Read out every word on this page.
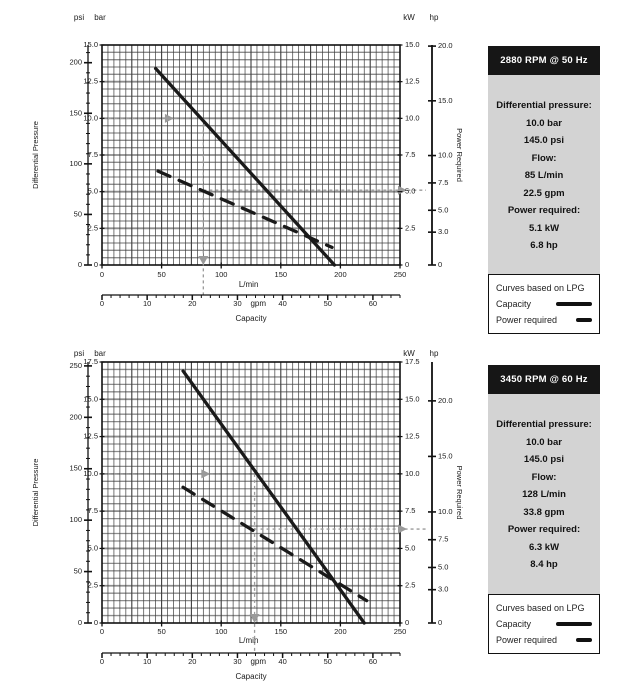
0
2.5
5.0
7.5
10.0
12.5
15.0
bar
0
50
100
150
200
psi
0
2.5
5.0
7.5
10.0
12.5
15.0
kW
0
3.0
5.0
7.5
10.0
15.0
20.0
hp
0	50	100	150	200	250
L/min
0	10	20	30	40	50	60
gpm
Capacity
Differential Pressure	Power Required
0
2.5
5.0
7.5
10.0
12.5
15.0
17.5
bar
0
50
100
150
200
250
psi
0
2.5
5.0
7.5
10.0
12.5
15.0
17.5
kW
0
3.0
5.0
7.5
10.0
15.0
20.0
hp
0	50	100	150	200	250
L/min
0	10	20	30	40	50	60
gpm
Capacity
Differential Pressure	Power Required
2880 RPM @ 50 Hz
Differential pressure:
10.0 bar
145.0 psi
Flow:
85 L/min
22.5 gpm
Power required:
5.1 kW
6.8 hp
Curves based on LPG
Capacity
Power required
3450 RPM @ 60 Hz
Differential pressure:
10.0 bar
145.0 psi
Flow:
128 L/min
33.8 gpm
Power required:
6.3 kW
8.4 hp
Curves based on LPG
Capacity
Power required
